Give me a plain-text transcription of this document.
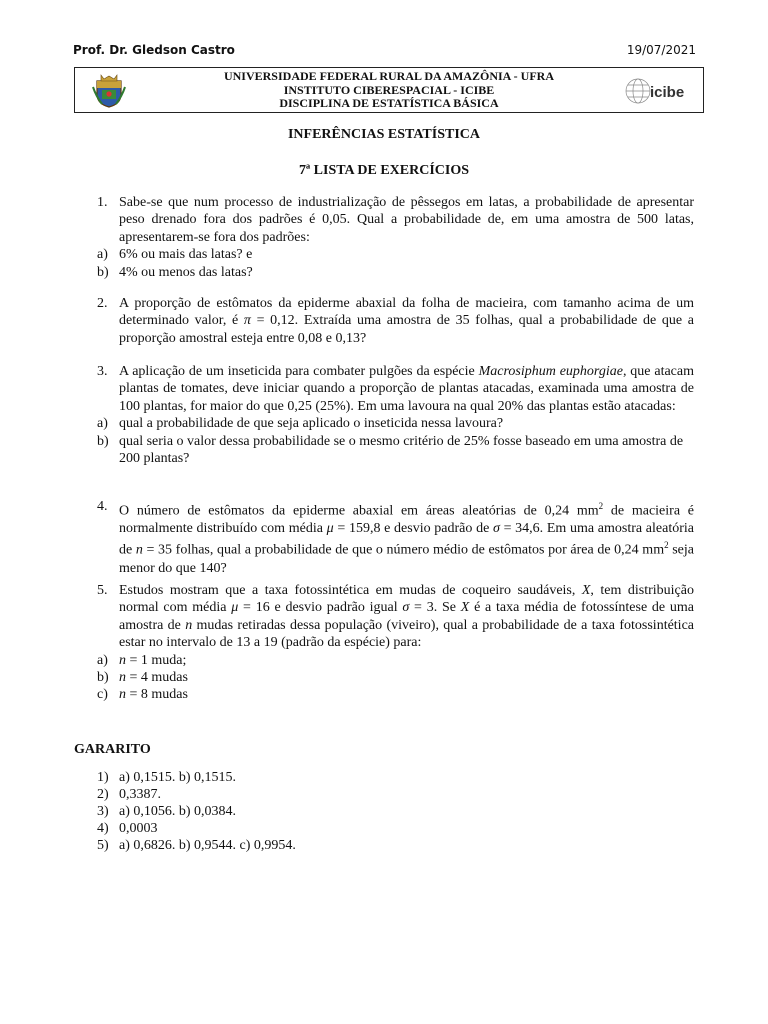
Prof. Dr. Gledson Castro	19/07/2021
UNIVERSIDADE FEDERAL RURAL DA AMAZÔNIA - UFRA
INSTITUTO CIBERESPACIAL - ICIBE
DISCIPLINA DE ESTATÍSTICA BÁSICA
icibe
INFERÊNCIAS ESTATÍSTICA
7ª LISTA DE EXERCÍCIOS
1. Sabe-se que num processo de industrialização de pêssegos em latas, a probabilidade de apresentar peso drenado fora dos padrões é 0,05. Qual a probabilidade de, em uma amostra de 500 latas, apresentarem-se fora dos padrões:
a) 6% ou mais das latas? e
b) 4% ou menos das latas?
2. A proporção de estômatos da epiderme abaxial da folha de macieira, com tamanho acima de um determinado valor, é π = 0,12. Extraída uma amostra de 35 folhas, qual a probabilidade de que a proporção amostral esteja entre 0,08 e 0,13?
3. A aplicação de um inseticida para combater pulgões da espécie Macrosiphum euphorgiae, que atacam plantas de tomates, deve iniciar quando a proporção de plantas atacadas, examinada uma amostra de 100 plantas, for maior do que 0,25 (25%). Em uma lavoura na qual 20% das plantas estão atacadas:
a) qual a probabilidade de que seja aplicado o inseticida nessa lavoura?
b) qual seria o valor dessa probabilidade se o mesmo critério de 25% fosse baseado em uma amostra de 200 plantas?
4. O número de estômatos da epiderme abaxial em áreas aleatórias de 0,24 $mm^2$ de macieira é normalmente distribuído com média μ = 159,8 e desvio padrão de σ = 34,6. Em uma amostra aleatória de n = 35 folhas, qual a probabilidade de que o número médio de estômatos por área de 0,24 $mm^2$ seja menor do que 140?
5. Estudos mostram que a taxa fotossintética em mudas de coqueiro saudáveis, X, tem distribuição normal com média μ = 16 e desvio padrão igual σ = 3. Se X é a taxa média de fotossíntese de uma amostra de n mudas retiradas dessa população (viveiro), qual a probabilidade de a taxa fotossintética estar no intervalo de 13 a 19 (padrão da espécie) para:
a) n = 1 muda;
b) n = 4 mudas
c) n = 8 mudas
GARARITO
1) a) 0,1515. b) 0,1515.
2) 0,3387.
3) a) 0,1056. b) 0,0384.
4) 0,0003
5) a) 0,6826. b) 0,9544. c) 0,9954.
